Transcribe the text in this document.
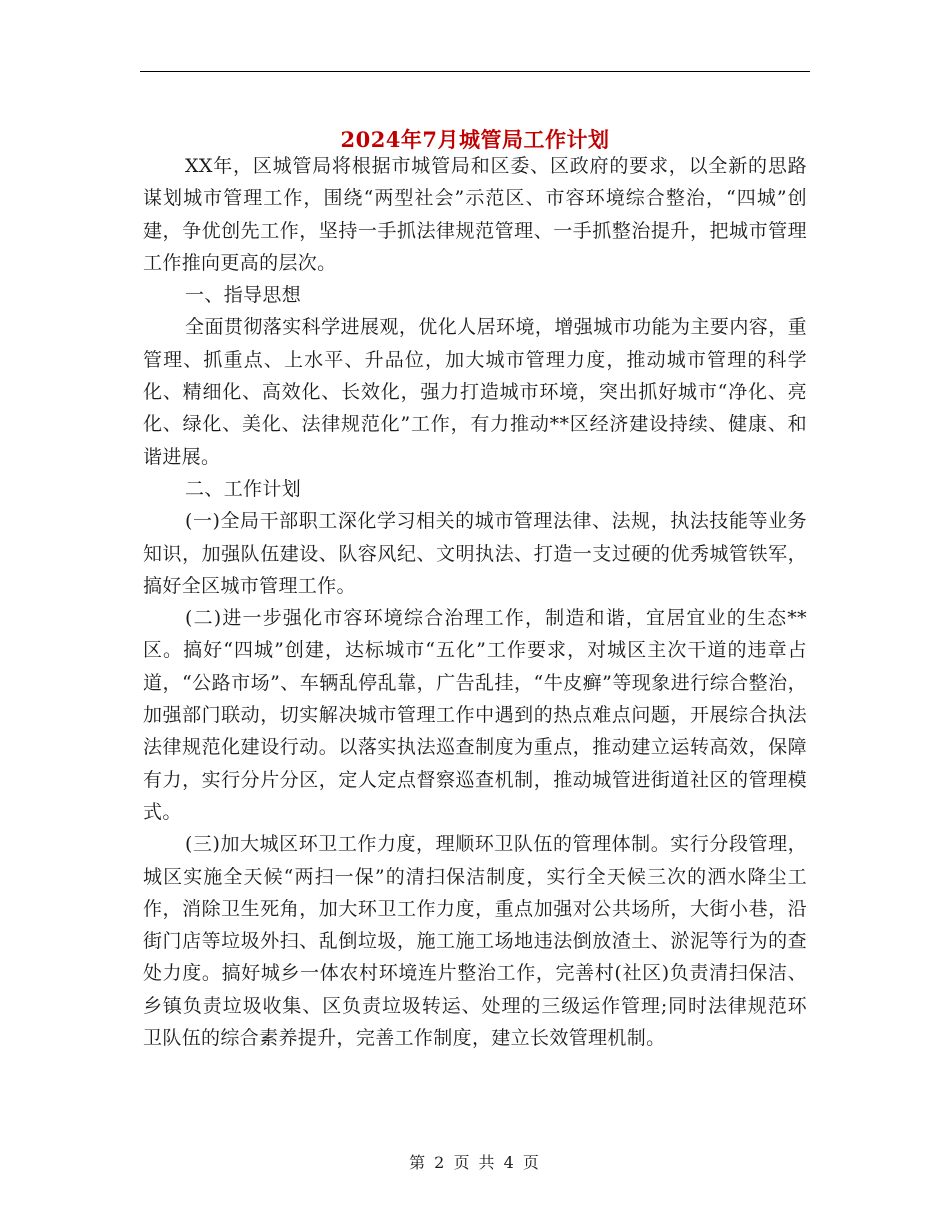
2024年7月城管局工作计划

XX年，区城管局将根据市城管局和区委、区政府的要求，以全新的思路谋划城市管理工作，围绕“两型社会”示范区、市容环境综合整治，“四城”创建，争优创先工作，坚持一手抓法律规范管理、一手抓整治提升，把城市管理工作推向更高的层次。

一、指导思想

全面贯彻落实科学进展观，优化人居环境，增强城市功能为主要内容，重管理、抓重点、上水平、升品位，加大城市管理力度，推动城市管理的科学化、精细化、高效化、长效化，强力打造城市环境，突出抓好城市“净化、亮化、绿化、美化、法律规范化”工作，有力推动**区经济建设持续、健康、和谐进展。

二、工作计划

(一)全局干部职工深化学习相关的城市管理法律、法规，执法技能等业务知识，加强队伍建设、队容风纪、文明执法、打造一支过硬的优秀城管铁军，搞好全区城市管理工作。

(二)进一步强化市容环境综合治理工作，制造和谐，宜居宜业的生态**区。搞好“四城”创建，达标城市“五化”工作要求，对城区主次干道的违章占道，“公路市场”、车辆乱停乱靠，广告乱挂，“牛皮癣”等现象进行综合整治，加强部门联动，切实解决城市管理工作中遇到的热点难点问题，开展综合执法法律规范化建设行动。以落实执法巡查制度为重点，推动建立运转高效，保障有力，实行分片分区，定人定点督察巡查机制，推动城管进街道社区的管理模式。

(三)加大城区环卫工作力度，理顺环卫队伍的管理体制。实行分段管理，城区实施全天候“两扫一保”的清扫保洁制度，实行全天候三次的洒水降尘工作，消除卫生死角，加大环卫工作力度，重点加强对公共场所，大街小巷，沿街门店等垃圾外扫、乱倒垃圾，施工施工场地违法倒放渣土、淤泥等行为的查处力度。搞好城乡一体农村环境连片整治工作，完善村(社区)负责清扫保洁、乡镇负责垃圾收集、区负责垃圾转运、处理的三级运作管理;同时法律规范环卫队伍的综合素养提升，完善工作制度，建立长效管理机制。

第 2 页 共 4 页
